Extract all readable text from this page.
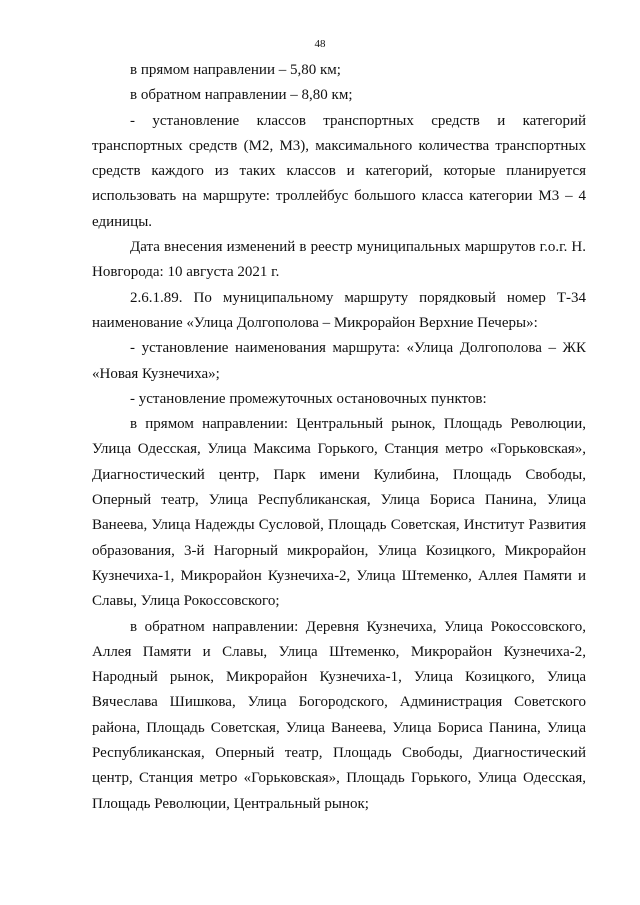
48

в прямом направлении – 5,80 км;

в обратном направлении – 8,80 км;

- установление классов транспортных средств и категорий транспортных средств (М2, М3), максимального количества транспортных средств каждого из таких классов и категорий, которые планируется использовать на маршруте: троллейбус большого класса категории М3 – 4 единицы.

Дата внесения изменений в реестр муниципальных маршрутов г.о.г. Н. Новгорода: 10 августа 2021 г.

2.6.1.89. По муниципальному маршруту порядковый номер Т-34 наименование «Улица Долгополова – Микрорайон Верхние Печеры»:

- установление наименования маршрута: «Улица Долгополова – ЖК «Новая Кузнечиха»;

- установление промежуточных остановочных пунктов:

в прямом направлении: Центральный рынок, Площадь Революции, Улица Одесская, Улица Максима Горького, Станция метро «Горьковская», Диагностический центр, Парк имени Кулибина, Площадь Свободы, Оперный театр, Улица Республиканская, Улица Бориса Панина, Улица Ванеева, Улица Надежды Сусловой, Площадь Советская, Институт Развития образования, 3-й Нагорный микрорайон, Улица Козицкого, Микрорайон Кузнечиха-1, Микрорайон Кузнечиха-2, Улица Штеменко, Аллея Памяти и Славы, Улица Рокоссовского;

в обратном направлении: Деревня Кузнечиха, Улица Рокоссовского, Аллея Памяти и Славы, Улица Штеменко, Микрорайон Кузнечиха-2, Народный рынок, Микрорайон Кузнечиха-1, Улица Козицкого, Улица Вячеслава Шишкова, Улица Богородского, Администрация Советского района, Площадь Советская, Улица Ванеева, Улица Бориса Панина, Улица Республиканская, Оперный театр, Площадь Свободы, Диагностический центр, Станция метро «Горьковская», Площадь Горького, Улица Одесская, Площадь Революции, Центральный рынок;
